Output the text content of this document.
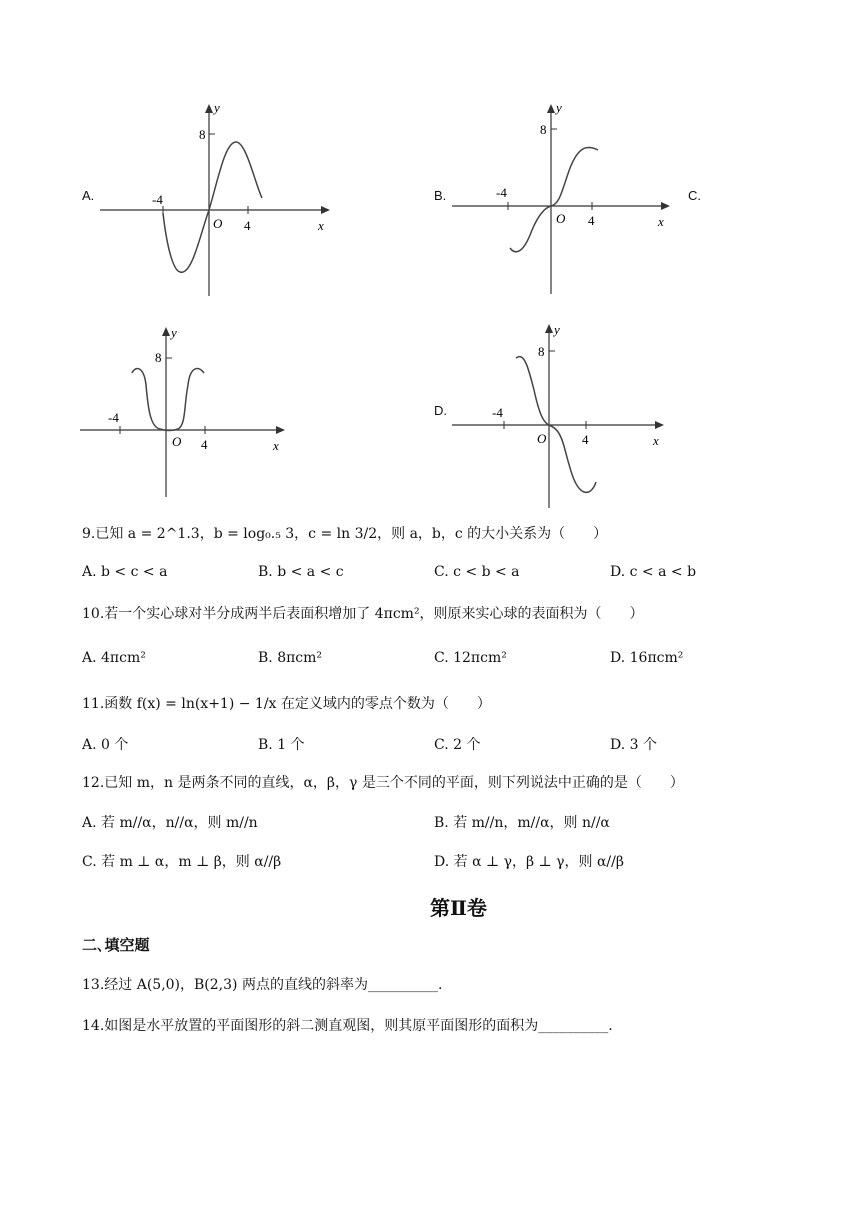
A.
8
-4
4
O	x
y
B.
8
-4
4
O	x
y
C.
8
-4
4
O	x
y
D.
8
-4
4
O	x
y
9.已知 a = 2^1.3，b = log₀.₅ 3，c = ln 3/2，则 a，b，c 的大小关系为（　　）
A. b < c < a	B. b < a < c	C. c < b < a	D. c < a < b
10.若一个实心球对半分成两半后表面积增加了 4πcm²，则原来实心球的表面积为（　　）
A. 4πcm²	B. 8πcm²	C. 12πcm²	D. 16πcm²
11.函数 f(x) = ln(x+1) − 1/x 在定义域内的零点个数为（　　）
A. 0 个	B. 1 个	C. 2 个	D. 3 个
12.已知 m，n 是两条不同的直线，α，β，γ 是三个不同的平面，则下列说法中正确的是（　　）
A. 若 m//α，n//α，则 m//n	B. 若 m//n，m//α，则 n//α
C. 若 m ⊥ α，m ⊥ β，则 α//β	D. 若 α ⊥ γ，β ⊥ γ，则 α//β
第Ⅱ卷
二､填空题
13.经过 A(5,0)，B(2,3) 两点的直线的斜率为__________.
14.如图是水平放置的平面图形的斜二测直观图，则其原平面图形的面积为__________.
